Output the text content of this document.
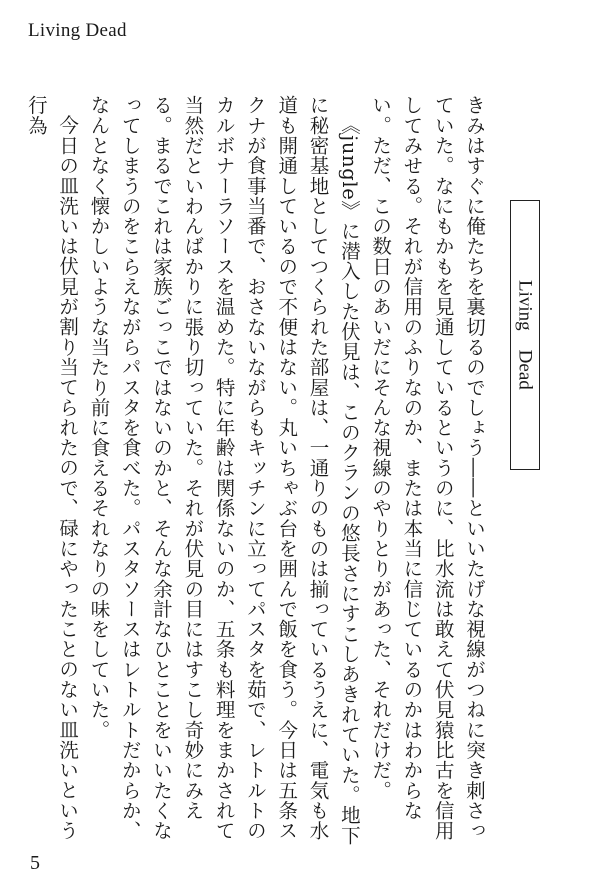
Living Dead
Living　Dead

きみはすぐに俺たちを裏切るのでしょう――といいたげな視線がつねに突き刺さっていた。なにもかもを見通しているというのに、比水流は敢えて伏見猿比古を信用してみせる。それが信用のふりなのか、または本当に信じているのかはわからない。ただ、この数日のあいだにそんな視線のやりとりがあった、それだけだ。

《jungle》に潜入した伏見は、このクランの悠長さにすこしあきれていた。地下に秘密基地としてつくられた部屋は、一通りのものは揃っているうえに、電気も水道も開通しているので不便はない。丸いちゃぶ台を囲んで飯を食う。今日は五条スクナが食事当番で、おさないながらもキッチンに立ってパスタを茹で、レトルトのカルボナーラソースを温めた。特に年齢は関係ないのか、五条も料理をまかされて当然だといわんばかりに張り切っていた。それが伏見の目にはすこし奇妙にみえる。まるでこれは家族ごっこではないのかと、そんな余計なひとことをいいたくなってしまうのをこらえながらパスタを食べた。パスタソースはレトルトだからか、なんとなく懐かしいような当たり前に食えるそれなりの味をしていた。

今日の皿洗いは伏見が割り当てられたので、碌にやったことのない皿洗いという行為

5
